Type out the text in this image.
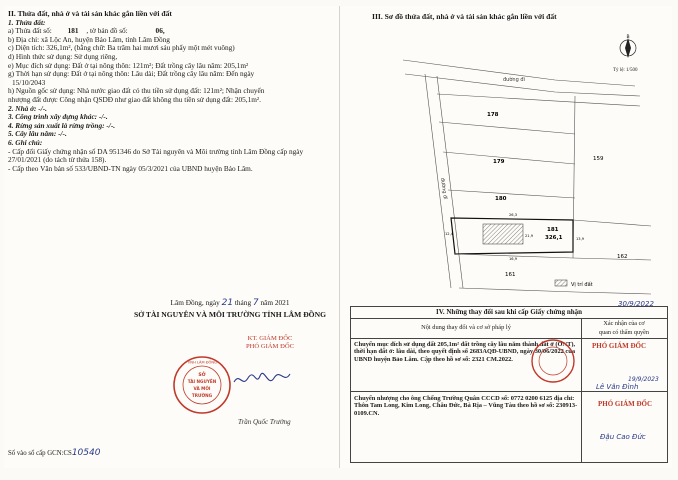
II. Thửa đất, nhà ở và tài sản khác gắn liền với đất
1. Thửa đất:
a) Thửa đất số: 181 , tờ bản đồ số:	06,
b) Địa chỉ: xã Lộc An, huyện Bảo Lâm, tỉnh Lâm Đồng
c) Diện tích: 326,1m², (bằng chữ: Ba trăm hai mươi sáu phẩy một mét vuông)
d) Hình thức sử dụng: Sử dụng riêng,
e) Mục đích sử dụng: Đất ở tại nông thôn: 121m²; Đất trồng cây lâu năm: 205,1m²
g) Thời hạn sử dụng: Đất ở tại nông thôn: Lâu dài; Đất trồng cây lâu năm: Đến ngày
15/10/2043
h) Nguồn gốc sử dụng: Nhà nước giao đất có thu tiền sử dụng đất: 121m²; Nhận chuyển
nhượng đất được Công nhận QSDĐ như giao đất không thu tiền sử dụng đất: 205,1m².
2. Nhà ở: -/-.
3. Công trình xây dựng khác: -/-.
4. Rừng sản xuất là rừng trồng: -/-.
5. Cây lâu năm: -/-.
6. Ghi chú:
- Cấp đổi Giấy chứng nhận số DA 951346 do Sở Tài nguyên và Môi trường tỉnh Lâm Đồng cấp ngày 27/01/2021 (do tách từ thửa 158).
- Cấp theo Văn bản số 533/UBND-TN ngày 05/3/2021 của UBND huyện Bảo Lâm.
Lâm Đồng, ngày 21 tháng 7 năm 2021
SỞ TÀI NGUYÊN VÀ MÔI TRƯỜNG TỈNH LÂM ĐỒNG
KT. GIÁM ĐỐC
PHÓ GIÁM ĐỐC
TỈNH LÂM ĐỒNG
SỞ
TÀI NGUYÊN
VÀ MÔI
TRƯỜNG
Trần Quốc Trường
Số vào sổ cấp GCN:CS10540
III. Sơ đồ thửa đất, nhà ở và tài sản khác gắn liền với đất
B
Tỷ lệ: 1/500
đường đi
đường đi
178
179
180
159
181
326,1
161
162
26,3
12,4	21,9
16,9
13,9
Vị trí đất
IV. Những thay đổi sau khi cấp Giấy chứng nhận
Nội dung thay đổi và cơ sở pháp lý
Xác nhận của cơ
quan có thẩm quyền
Chuyển mục đích sử dụng đất 205,1m² đất trồng cây lâu năm thành đất ở (ONT), thời hạn đất ở: lâu dài, theo quyết định số 2683AQĐ-UBND, ngày 30/06/2022 của UBND huyện Bảo Lâm. Cập theo hồ sơ số: 2321 CM.2022.
Chuyển nhượng cho ông Chống Trường Quân CCCD số: 0772 0200 6125 địa chỉ: Thôn Tam Long, Kim Long, Châu Đức, Bà Rịa – Vũng Tàu theo hồ sơ số: 230913-0109.CN.
30/9/2022
PHÓ GIÁM ĐỐC
Lê Văn Đình
19/9/2023
PHÓ GIÁM ĐỐC
Đậu Cao Đức
